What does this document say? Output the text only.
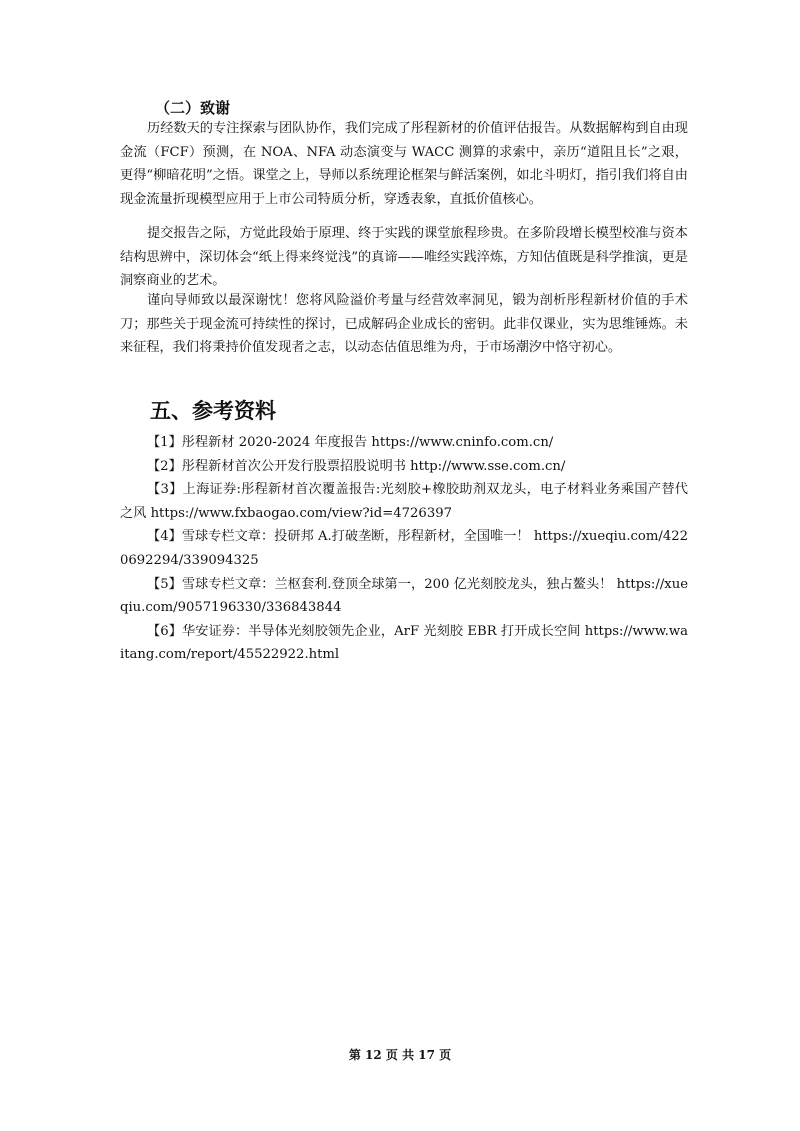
（二）致谢

历经数天的专注探索与团队协作，我们完成了彤程新材的价值评估报告。从数据解构到自由现金流（FCF）预测，在 NOA、NFA 动态演变与 WACC 测算的求索中，亲历“道阻且长”之艰，更得“柳暗花明”之悟。课堂之上，导师以系统理论框架与鲜活案例，如北斗明灯，指引我们将自由现金流量折现模型应用于上市公司特质分析，穿透表象，直抵价值核心。

提交报告之际，方觉此段始于原理、终于实践的课堂旅程珍贵。在多阶段增长模型校准与资本结构思辨中，深切体会“纸上得来终觉浅”的真谛——唯经实践淬炼，方知估值既是科学推演，更是洞察商业的艺术。

谨向导师致以最深谢忱！您将风险溢价考量与经营效率洞见，锻为剖析彤程新材价值的手术刀；那些关于现金流可持续性的探讨，已成解码企业成长的密钥。此非仅课业，实为思维锤炼。未来征程，我们将秉持价值发现者之志，以动态估值思维为舟，于市场潮汐中恪守初心。

五、参考资料

【1】彤程新材 2020-2024 年度报告 https://www.cninfo.com.cn/

【2】彤程新材首次公开发行股票招股说明书 http://www.sse.com.cn/

【3】上海证券:彤程新材首次覆盖报告:光刻胶+橡胶助剂双龙头，电子材料业务乘国产替代之风 https://www.fxbaogao.com/view?id=4726397

【4】雪球专栏文章：投研邦 A.打破垄断，彤程新材，全国唯一！ https://xueqiu.com/4220692294/339094325

【5】雪球专栏文章：兰枢套利.登顶全球第一，200 亿光刻胶龙头，独占鳌头！ https://xueqiu.com/9057196330/336843844

【6】华安证券：半导体光刻胶领先企业，ArF 光刻胶 EBR 打开成长空间 https://www.waitang.com/report/45522922.html

第 12 页 共 17 页
